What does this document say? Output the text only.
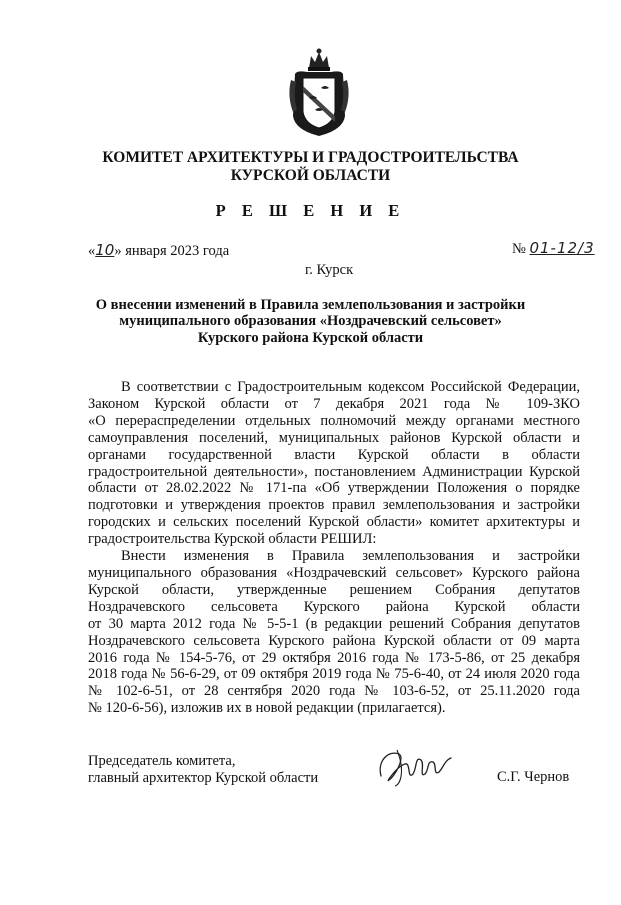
КОМИТЕТ АРХИТЕКТУРЫ И ГРАДОСТРОИТЕЛЬСТВА
КУРСКОЙ ОБЛАСТИ
Р Е Ш Е Н И Е
«10» января 2023 года	№ 01-12/3
г. Курск
О внесении изменений в Правила землепользования и застройки
муниципального образования «Ноздрачевский сельсовет»
Курского района Курской области
В соответствии с Градостроительным кодексом Российской Федерации,
Законом Курской области от 7 декабря 2021 года № 109-ЗКО
«О перераспределении отдельных полномочий между органами местного
самоуправления поселений, муниципальных районов Курской области и
органами государственной власти Курской области в области
градостроительной деятельности», постановлением Администрации Курской
области от 28.02.2022 № 171-па «Об утверждении Положения о порядке
подготовки и утверждения проектов правил землепользования и застройки
городских и сельских поселений Курской области» комитет архитектуры и
градостроительства Курской области РЕШИЛ:
Внести изменения в Правила землепользования и застройки
муниципального образования «Ноздрачевский сельсовет» Курского района
Курской области, утвержденные решением Собрания депутатов
Ноздрачевского сельсовета Курского района Курской области
от 30 марта 2012 года № 5-5-1 (в редакции решений Собрания депутатов
Ноздрачевского сельсовета Курского района Курской области от 09 марта
2016 года № 154-5-76, от 29 октября 2016 года № 173-5-86, от 25 декабря
2018 года № 56-6-29, от 09 октября 2019 года № 75-6-40, от 24 июля 2020 года
№ 102-6-51, от 28 сентября 2020 года № 103-6-52, от 25.11.2020 года
№ 120-6-56), изложив их в новой редакции (прилагается).
Председатель комитета,
главный архитектор Курской области	С.Г. Чернов
